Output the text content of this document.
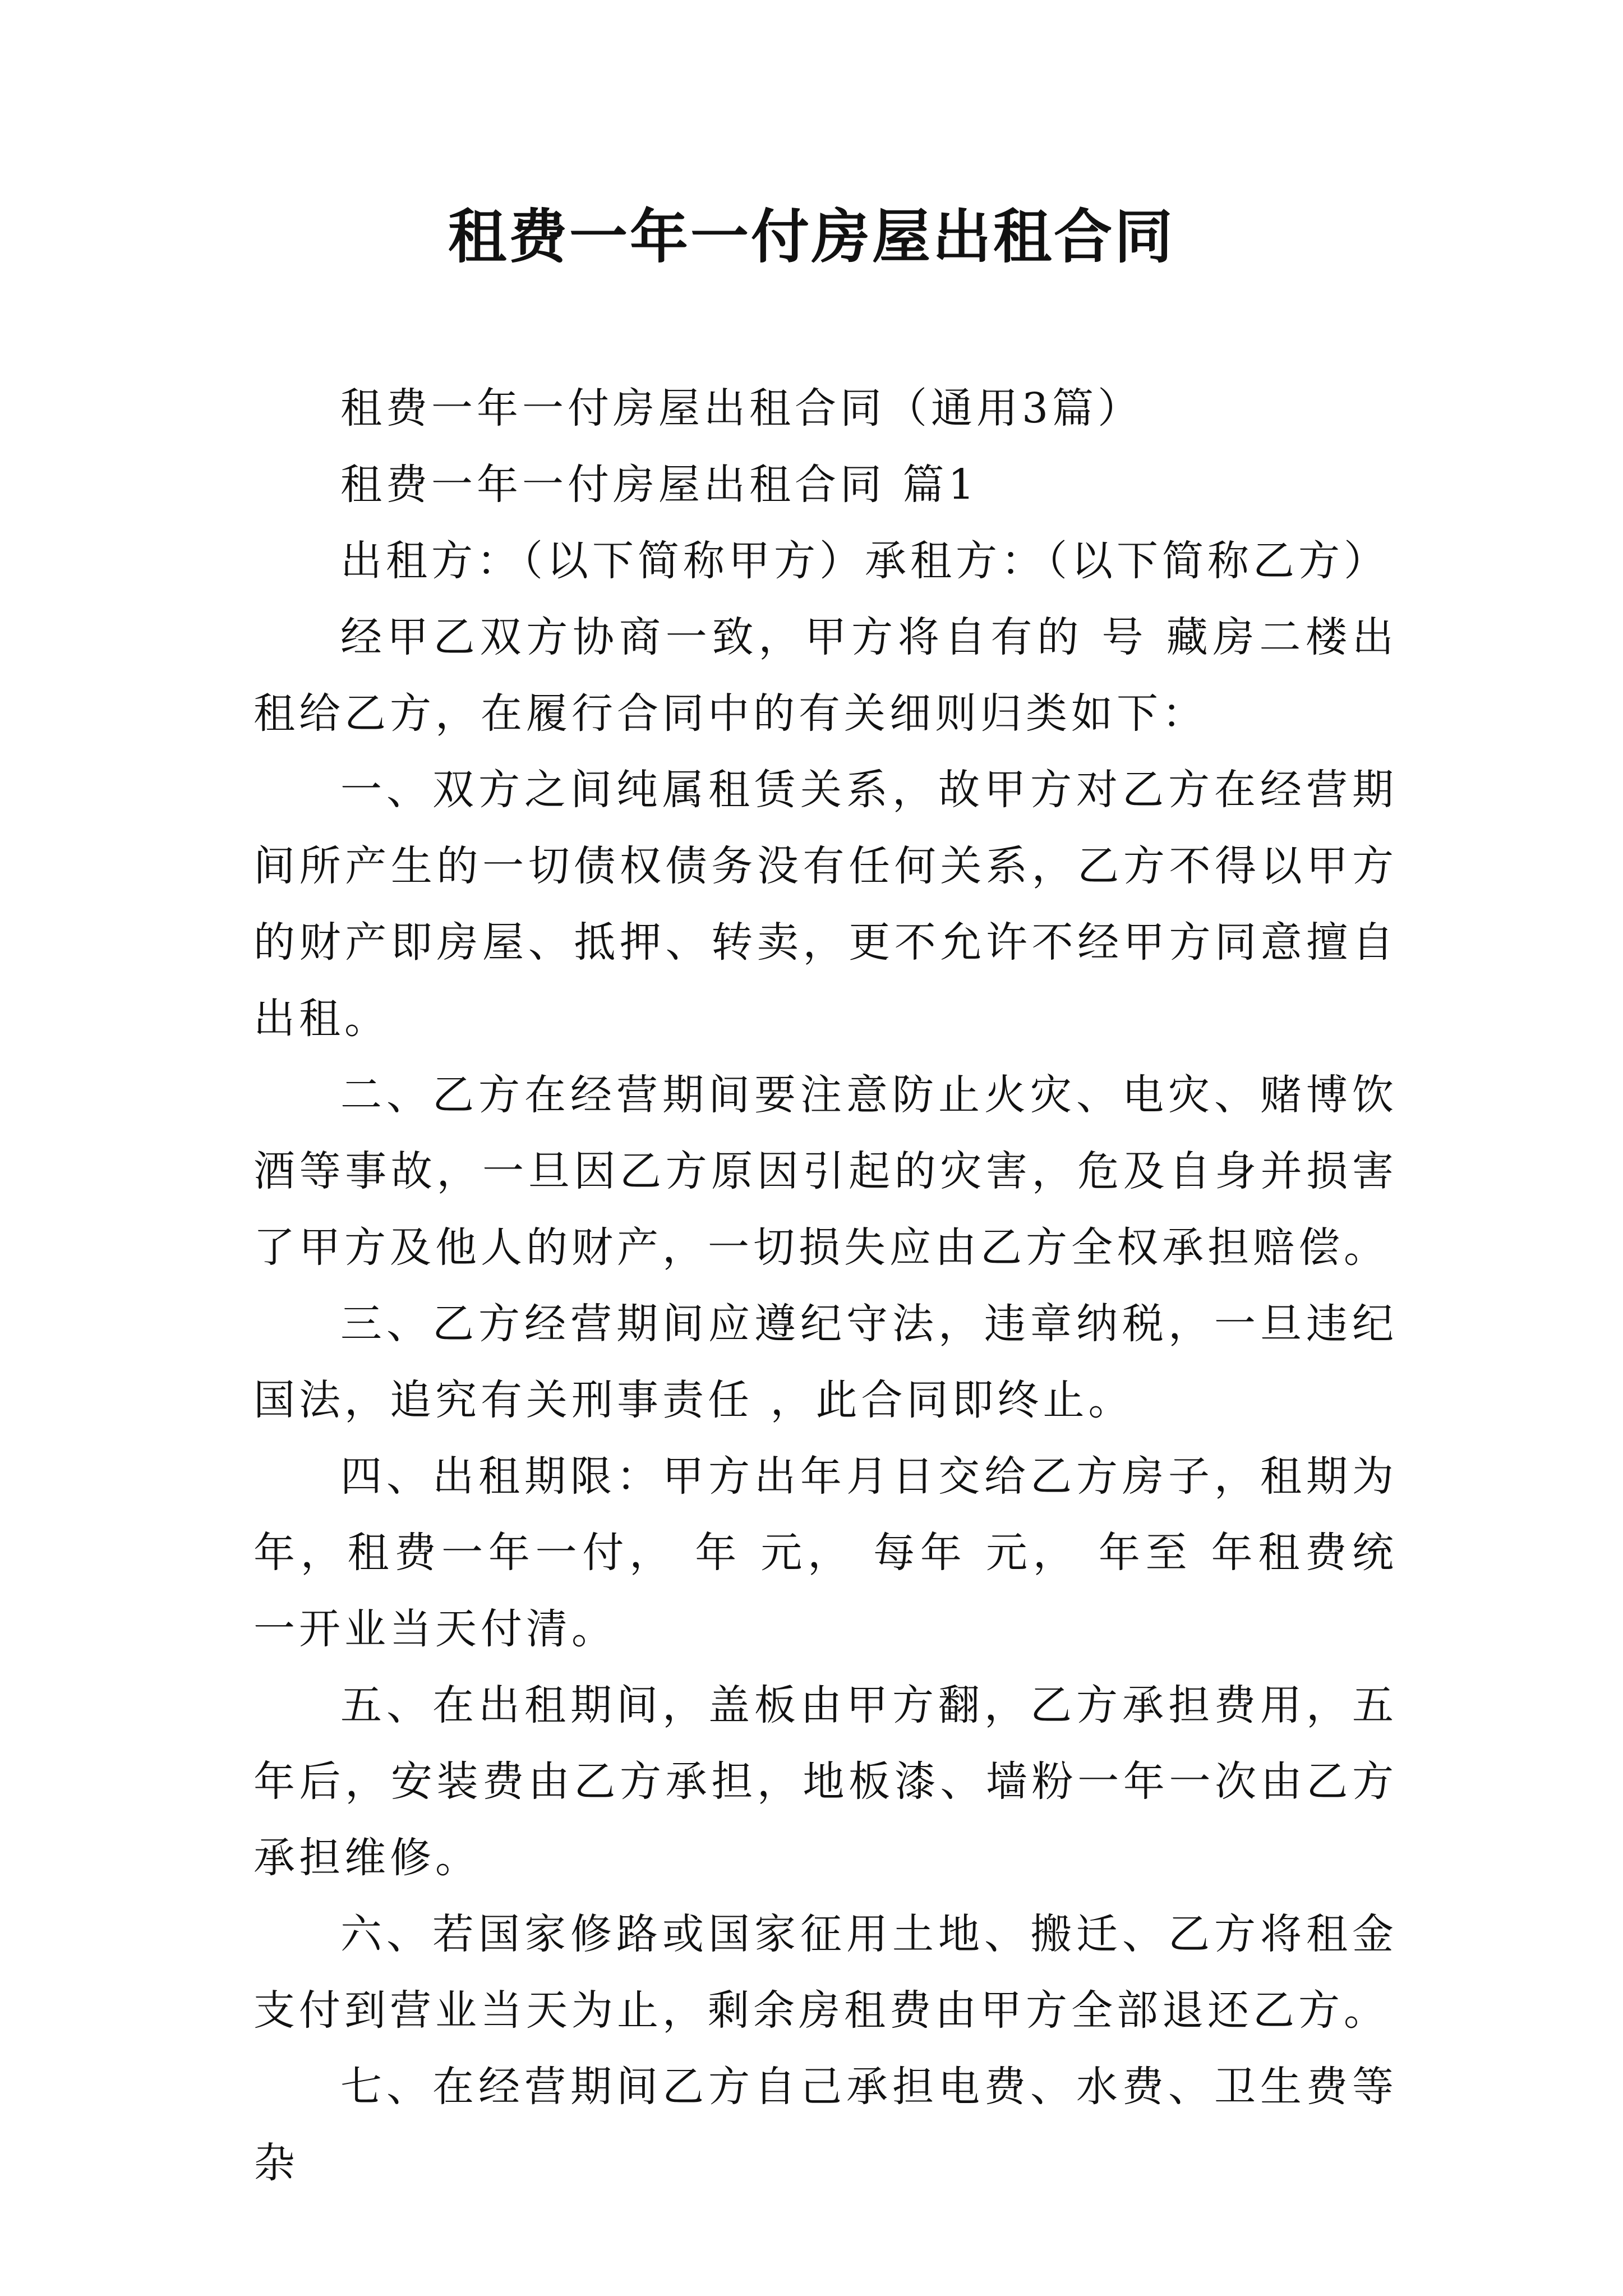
租费一年一付房屋出租合同

租费一年一付房屋出租合同（通用3篇）

租费一年一付房屋出租合同 篇1

出租方：（以下简称甲方）承租方：（以下简称乙方）

经甲乙双方协商一致，甲方将自有的 号 藏房二楼出租给乙方，在履行合同中的有关细则归类如下：

一、双方之间纯属租赁关系，故甲方对乙方在经营期间所产生的一切债权债务没有任何关系，乙方不得以甲方的财产即房屋、抵押、转卖，更不允许不经甲方同意擅自出租。

二、乙方在经营期间要注意防止火灾、电灾、赌博饮酒等事故，一旦因乙方原因引起的灾害，危及自身并损害了甲方及他人的财产，一切损失应由乙方全权承担赔偿。

三、乙方经营期间应遵纪守法，违章纳税，一旦违纪国法，追究有关刑事责任 ，此合同即终止。

四、出租期限：甲方出年月日交给乙方房子，租期为年，租费一年一付， 年 元， 每年 元， 年至 年租费统一开业当天付清。

五、在出租期间，盖板由甲方翻，乙方承担费用，五年后，安装费由乙方承担，地板漆、墙粉一年一次由乙方承担维修。

六、若国家修路或国家征用土地、搬迁、乙方将租金支付到营业当天为止，剩余房租费由甲方全部退还乙方。

七、在经营期间乙方自己承担电费、水费、卫生费等杂
